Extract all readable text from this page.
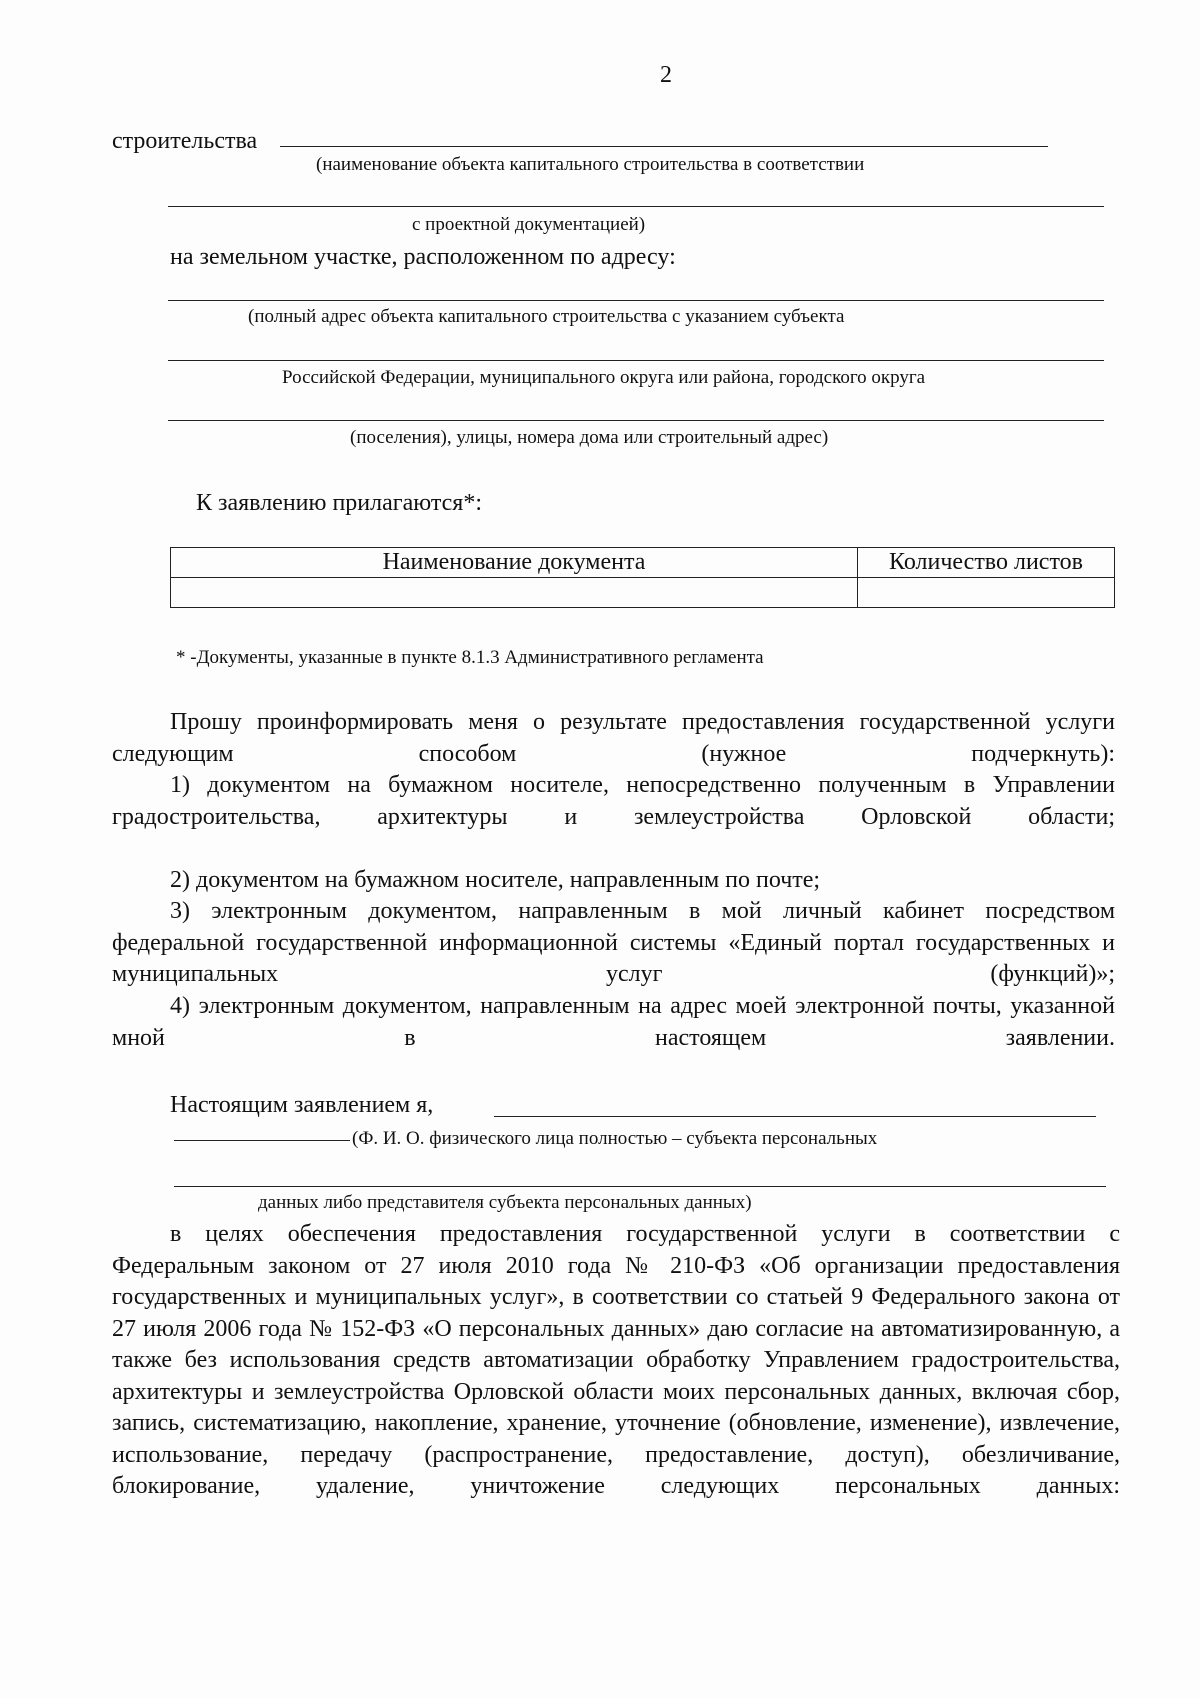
2
строительства
(наименование объекта капитального строительства в соответствии
с проектной документацией)
на земельном участке, расположенном по адресу:
(полный адрес объекта капитального строительства с указанием субъекта
Российской Федерации, муниципального округа или района, городского округа
(поселения), улицы, номера дома или строительный адрес)
К заявлению прилагаются*:
Наименование документа	Количество листов

* -Документы, указанные в пункте 8.1.3 Административного регламента
Прошу проинформировать меня о результате предоставления государственной услуги следующим способом (нужное подчеркнуть):
1) документом на бумажном носителе, непосредственно полученным в Управлении градостроительства, архитектуры и землеустройства Орловской области;
2) документом на бумажном носителе, направленным по почте;
3) электронным документом, направленным в мой личный кабинет посредством федеральной государственной информационной системы «Единый портал государственных и муниципальных услуг (функций)»;
4) электронным документом, направленным на адрес моей электронной почты, указанной мной в настоящем заявлении.
Настоящим заявлением я,
(Ф. И. О. физического лица полностью – субъекта персональных
данных либо представителя субъекта персональных данных)
в целях обеспечения предоставления государственной услуги в соответствии с Федеральным законом от 27 июля 2010 года № 210-ФЗ «Об организации предоставления государственных и муниципальных услуг», в соответствии со статьей 9 Федерального закона от 27 июля 2006 года № 152-ФЗ «О персональных данных» даю согласие на автоматизированную, а также без использования средств автоматизации обработку Управлением градостроительства, архитектуры и землеустройства Орловской области моих персональных данных, включая сбор, запись, систематизацию, накопление, хранение, уточнение (обновление, изменение), извлечение, использование, передачу (распространение, предоставление, доступ), обезличивание, блокирование, удаление, уничтожение следующих персональных данных:
